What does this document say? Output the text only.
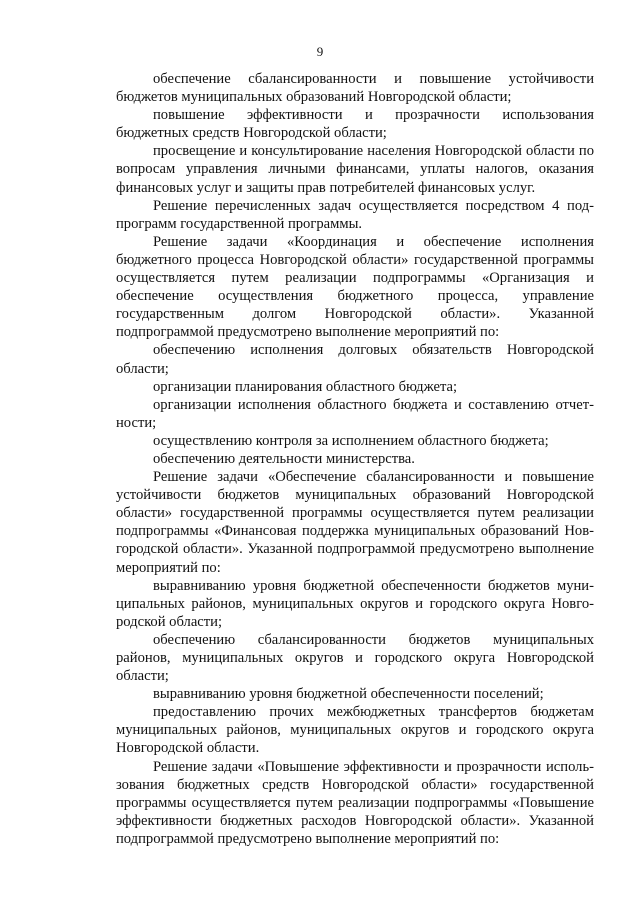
9

обеспечение сбалансированности и повышение устойчивости бюджетов муниципальных образований Новгородской области;

повышение эффективности и прозрачности использования бюджетных средств Новгородской области;

просвещение и консультирование населения Новгородской области по вопросам управления личными финансами, уплаты налогов, оказания финансовых услуг и защиты прав потребителей финансовых услуг.

Решение перечисленных задач осуществляется посредством 4 подпрограмм государственной программы.

Решение задачи «Координация и обеспечение исполнения бюджетного процесса Новгородской области» государственной программы осуществляется путем реализации подпрограммы «Организация и обеспечение осуществления бюджетного процесса, управление государственным долгом Новгородской области». Указанной подпрограммой предусмотрено выполнение мероприятий по:

обеспечению исполнения долговых обязательств Новгородской области;

организации планирования областного бюджета;

организации исполнения областного бюджета и составлению отчетности;

осуществлению контроля за исполнением областного бюджета;

обеспечению деятельности министерства.

Решение задачи «Обеспечение сбалансированности и повышение устойчивости бюджетов муниципальных образований Новгородской области» государственной программы осуществляется путем реализации подпрограммы «Финансовая поддержка муниципальных образований Новгородской области». Указанной подпрограммой предусмотрено выполнение мероприятий по:

выравниванию уровня бюджетной обеспеченности бюджетов муниципальных районов, муниципальных округов и городского округа Новгородской области;

обеспечению сбалансированности бюджетов муниципальных районов, муниципальных округов и городского округа Новгородской области;

выравниванию уровня бюджетной обеспеченности поселений;

предоставлению прочих межбюджетных трансфертов бюджетам муниципальных районов, муниципальных округов и городского округа Новгородской области.

Решение задачи «Повышение эффективности и прозрачности использования бюджетных средств Новгородской области» государственной программы осуществляется путем реализации подпрограммы «Повышение эффективности бюджетных расходов Новгородской области». Указанной подпрограммой предусмотрено выполнение мероприятий по:
